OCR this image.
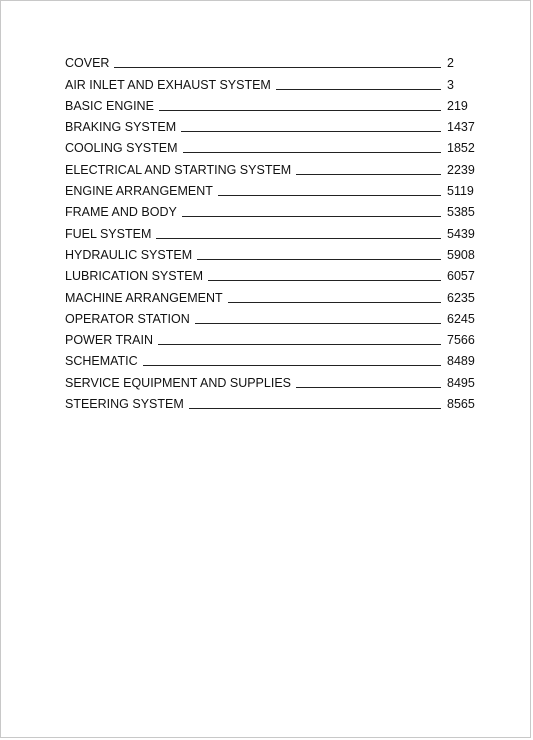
COVER	2
AIR INLET AND EXHAUST SYSTEM	3
BASIC ENGINE	219
BRAKING SYSTEM	1437
COOLING SYSTEM	1852
ELECTRICAL AND STARTING SYSTEM	2239
ENGINE ARRANGEMENT	5119
FRAME AND BODY	5385
FUEL SYSTEM	5439
HYDRAULIC SYSTEM	5908
LUBRICATION SYSTEM	6057
MACHINE ARRANGEMENT	6235
OPERATOR STATION	6245
POWER TRAIN	7566
SCHEMATIC	8489
SERVICE EQUIPMENT AND SUPPLIES	8495
STEERING SYSTEM	8565
